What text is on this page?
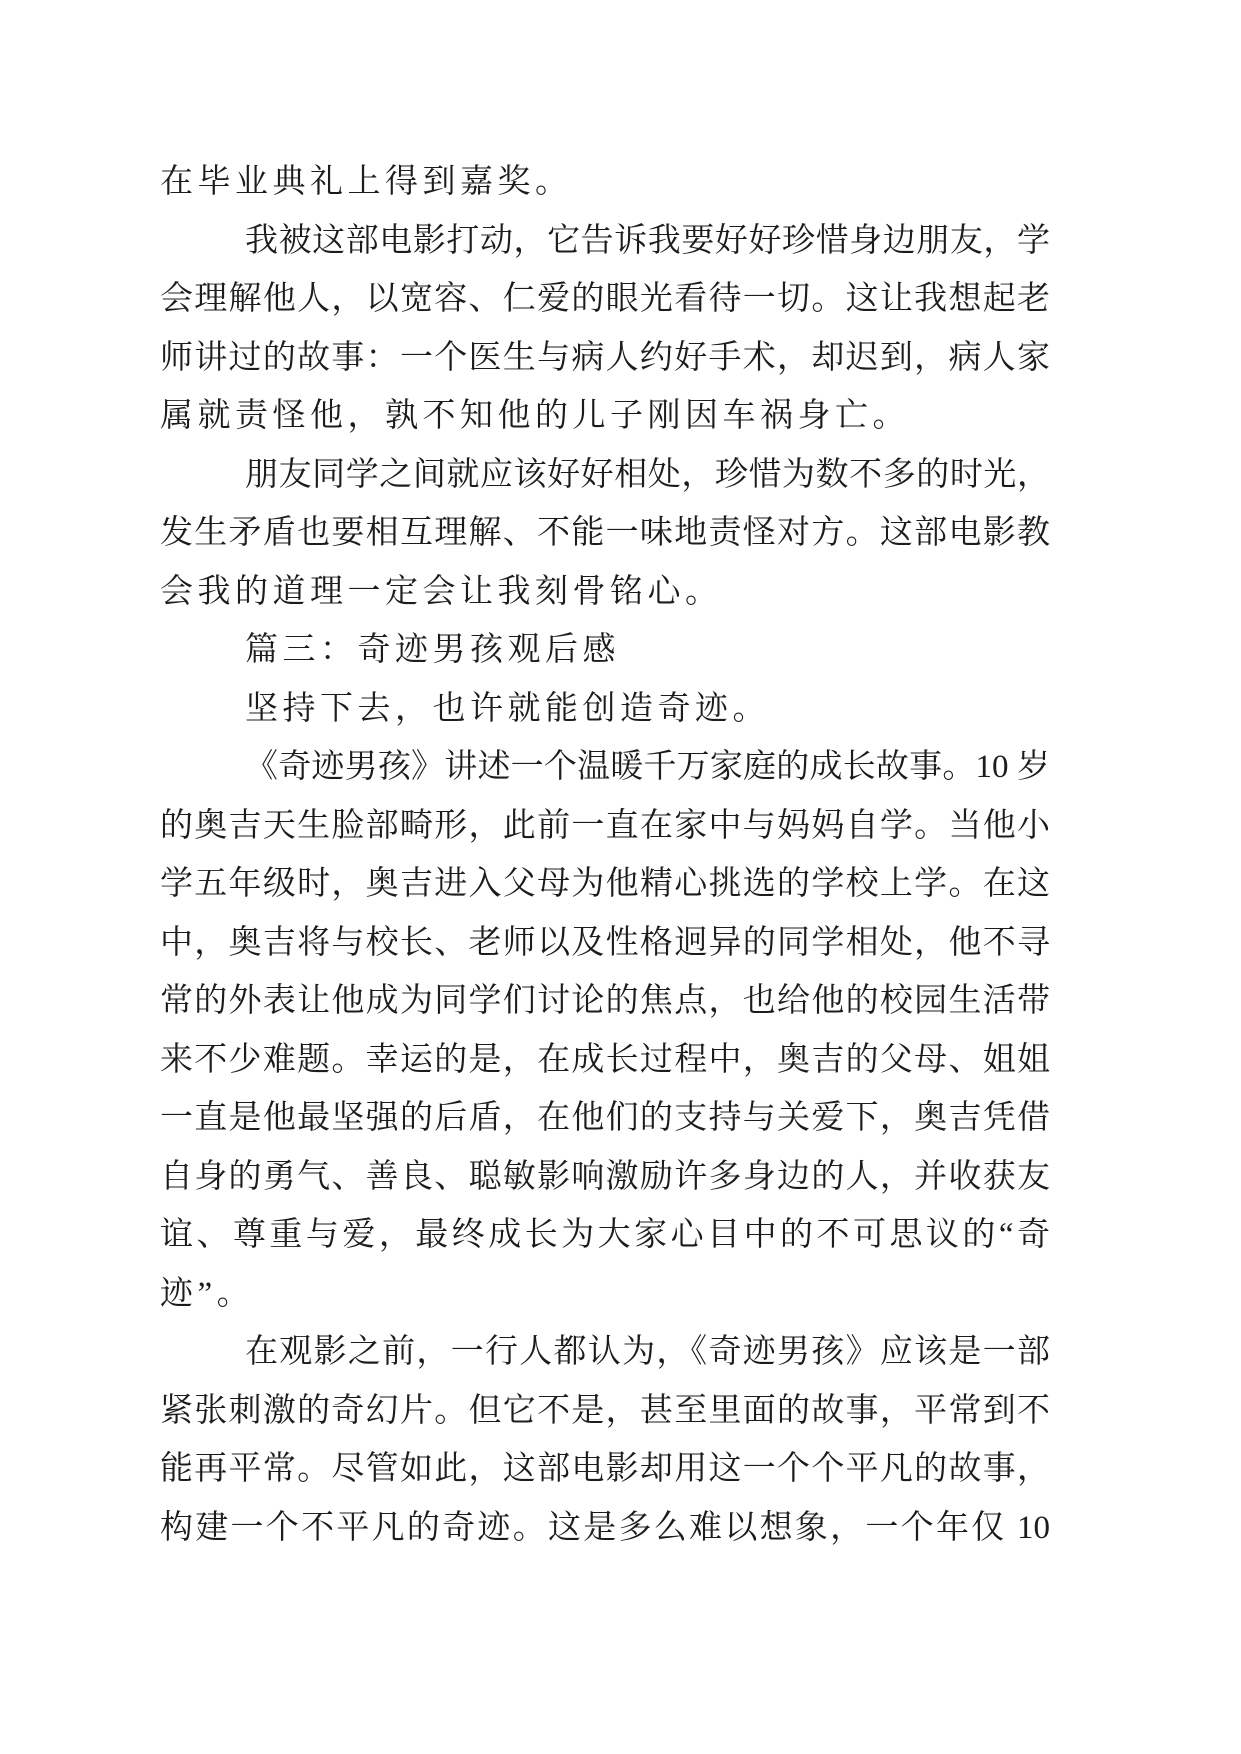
在毕业典礼上得到嘉奖。
我被这部电影打动，它告诉我要好好珍惜身边朋友，学
会理解他人，以宽容、仁爱的眼光看待一切。这让我想起老
师讲过的故事：一个医生与病人约好手术，却迟到，病人家
属就责怪他，孰不知他的儿子刚因车祸身亡。
朋友同学之间就应该好好相处，珍惜为数不多的时光，
发生矛盾也要相互理解、不能一味地责怪对方。这部电影教
会我的道理一定会让我刻骨铭心。
篇三：奇迹男孩观后感
坚持下去，也许就能创造奇迹。
《奇迹男孩》讲述一个温暖千万家庭的成长故事。10 岁
的奥吉天生脸部畸形，此前一直在家中与妈妈自学。当他小
学五年级时，奥吉进入父母为他精心挑选的学校上学。在这
中，奥吉将与校长、老师以及性格迥异的同学相处，他不寻
常的外表让他成为同学们讨论的焦点，也给他的校园生活带
来不少难题。幸运的是，在成长过程中，奥吉的父母、姐姐
一直是他最坚强的后盾，在他们的支持与关爱下，奥吉凭借
自身的勇气、善良、聪敏影响激励许多身边的人，并收获友
谊、尊重与爱，最终成长为大家心目中的不可思议的“奇
迹”。
在观影之前，一行人都认为，《奇迹男孩》应该是一部
紧张刺激的奇幻片。但它不是，甚至里面的故事，平常到不
能再平常。尽管如此，这部电影却用这一个个平凡的故事，
构建一个不平凡的奇迹。这是多么难以想象，一个年仅 10
